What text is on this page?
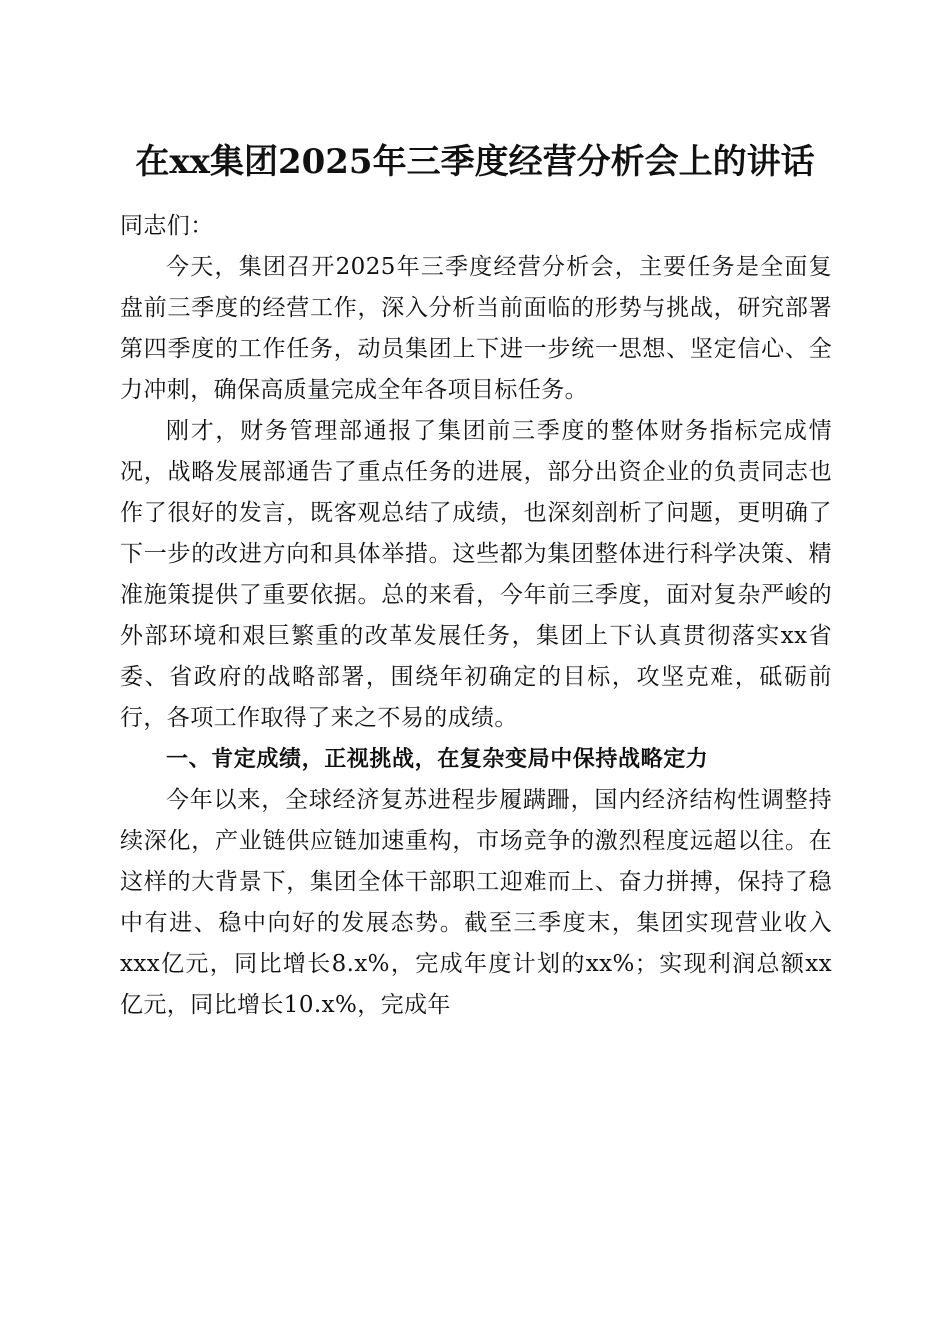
在xx集团2025年三季度经营分析会上的讲话

同志们：

今天，集团召开2025年三季度经营分析会，主要任务是全面复盘前三季度的经营工作，深入分析当前面临的形势与挑战，研究部署第四季度的工作任务，动员集团上下进一步统一思想、坚定信心、全力冲刺，确保高质量完成全年各项目标任务。

刚才，财务管理部通报了集团前三季度的整体财务指标完成情况，战略发展部通告了重点任务的进展，部分出资企业的负责同志也作了很好的发言，既客观总结了成绩，也深刻剖析了问题，更明确了下一步的改进方向和具体举措。这些都为集团整体进行科学决策、精准施策提供了重要依据。总的来看，今年前三季度，面对复杂严峻的外部环境和艰巨繁重的改革发展任务，集团上下认真贯彻落实xx省委、省政府的战略部署，围绕年初确定的目标，攻坚克难，砥砺前行，各项工作取得了来之不易的成绩。

一、肯定成绩，正视挑战，在复杂变局中保持战略定力

今年以来，全球经济复苏进程步履蹒跚，国内经济结构性调整持续深化，产业链供应链加速重构，市场竞争的激烈程度远超以往。在这样的大背景下，集团全体干部职工迎难而上、奋力拼搏，保持了稳中有进、稳中向好的发展态势。截至三季度末，集团实现营业收入xxx亿元，同比增长8.x%，完成年度计划的xx%；实现利润总额xx亿元，同比增长10.x%，完成年
